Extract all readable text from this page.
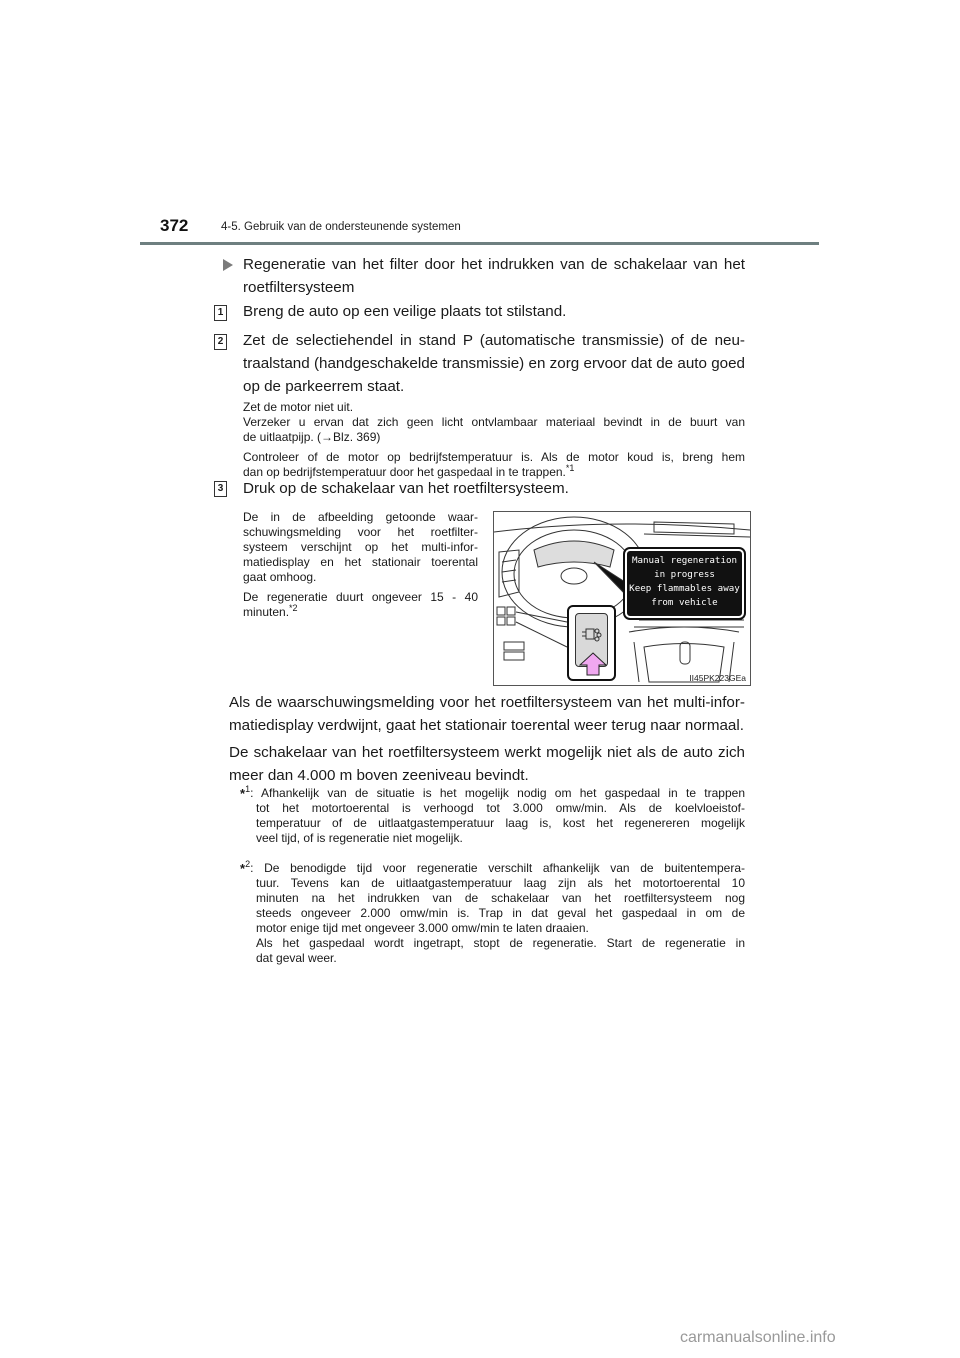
372	4-5. Gebruik van de ondersteunende systemen
Regeneratie van het filter door het indrukken van de schakelaar van het
roetfiltersysteem
1 Breng de auto op een veilige plaats tot stilstand.
2 Zet de selectiehendel in stand P (automatische transmissie) of de neu-
traalstand (handgeschakelde transmissie) en zorg ervoor dat de auto goed
op de parkeerrem staat.
Zet de motor niet uit.
Verzeker u ervan dat zich geen licht ontvlambaar materiaal bevindt in de buurt van
de uitlaatpijp. (→Blz. 369)
Controleer of de motor op bedrijfstemperatuur is. Als de motor koud is, breng hem
dan op bedrijfstemperatuur door het gaspedaal in te trappen.$^{*1}$
3 Druk op de schakelaar van het roetfiltersysteem.
De in de afbeelding getoonde waar-
schuwingsmelding voor het roetfilter-
systeem verschijnt op het multi-infor-
matiedisplay en het stationair toerental
gaat omhoog.
De regeneratie duurt ongeveer 15 - 40
minuten.$^{*2}$
Manual regeneration
in progress
Keep flammables away
from vehicle
II45PK223GEa
Als de waarschuwingsmelding voor het roetfiltersysteem van het multi-infor-
matiedisplay verdwijnt, gaat het stationair toerental weer terug naar normaal.
De schakelaar van het roetfiltersysteem werkt mogelijk niet als de auto zich
meer dan 4.000 m boven zeeniveau bevindt.
*$^1$: Afhankelijk van de situatie is het mogelijk nodig om het gaspedaal in te trappen
tot het motortoerental is verhoogd tot 3.000 omw/min. Als de koelvloeistof-
temperatuur of de uitlaatgastemperatuur laag is, kost het regenereren mogelijk
veel tijd, of is regeneratie niet mogelijk.
*$^2$: De benodigde tijd voor regeneratie verschilt afhankelijk van de buitentempera-
tuur. Tevens kan de uitlaatgastemperatuur laag zijn als het motortoerental 10
minuten na het indrukken van de schakelaar van het roetfiltersysteem nog
steeds ongeveer 2.000 omw/min is. Trap in dat geval het gaspedaal in om de
motor enige tijd met ongeveer 3.000 omw/min te laten draaien.
Als het gaspedaal wordt ingetrapt, stopt de regeneratie. Start de regeneratie in
dat geval weer.
carmanualsonline.info
